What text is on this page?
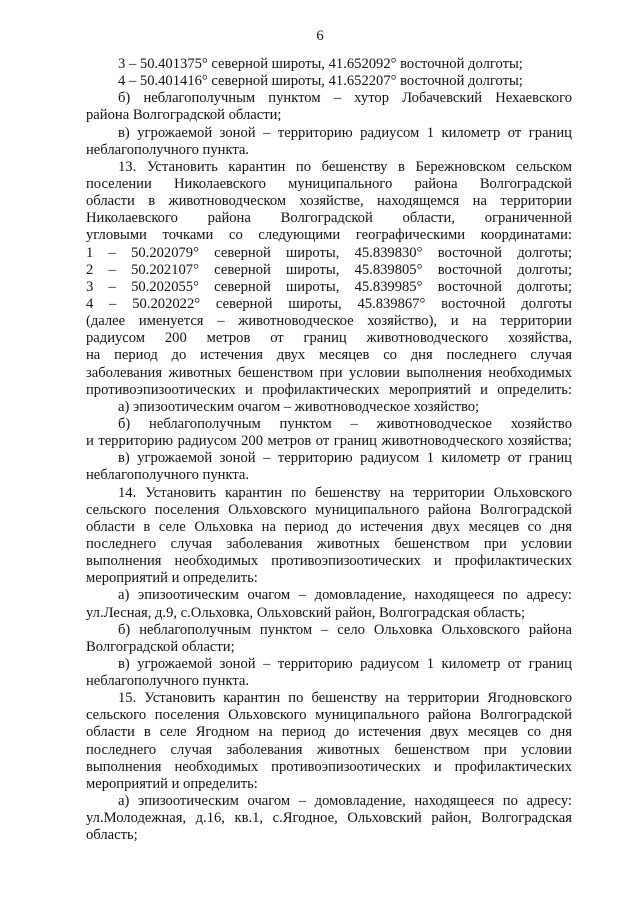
6
3 – 50.401375° северной широты, 41.652092° восточной долготы;
4 – 50.401416° северной широты, 41.652207° восточной долготы;
б) неблагополучным пунктом – хутор Лобачевский Нехаевского
района Волгоградской области;
в) угрожаемой зоной – территорию радиусом 1 километр от границ
неблагополучного пункта.
13. Установить карантин по бешенству в Бережновском сельском
поселении Николаевского муниципального района Волгоградской
области в животноводческом хозяйстве, находящемся на территории
Николаевского района Волгоградской области, ограниченной
угловыми точками со следующими географическими координатами:
1 – 50.202079° северной широты, 45.839830° восточной долготы;
2 – 50.202107° северной широты, 45.839805° восточной долготы;
3 – 50.202055° северной широты, 45.839985° восточной долготы;
4 – 50.202022° северной широты, 45.839867° восточной долготы
(далее именуется – животноводческое хозяйство), и на территории
радиусом 200 метров от границ животноводческого хозяйства,
на период до истечения двух месяцев со дня последнего случая
заболевания животных бешенством при условии выполнения необходимых
противоэпизоотических и профилактических мероприятий и определить:
а) эпизоотическим очагом – животноводческое хозяйство;
б) неблагополучным пунктом – животноводческое хозяйство
и территорию радиусом 200 метров от границ животноводческого хозяйства;
в) угрожаемой зоной – территорию радиусом 1 километр от границ
неблагополучного пункта.
14. Установить карантин по бешенству на территории Ольховского
сельского поселения Ольховского муниципального района Волгоградской
области в селе Ольховка на период до истечения двух месяцев со дня
последнего случая заболевания животных бешенством при условии
выполнения необходимых противоэпизоотических и профилактических
мероприятий и определить:
а) эпизоотическим очагом – домовладение, находящееся по адресу:
ул.Лесная, д.9, с.Ольховка, Ольховский район, Волгоградская область;
б) неблагополучным пунктом – село Ольховка Ольховского района
Волгоградской области;
в) угрожаемой зоной – территорию радиусом 1 километр от границ
неблагополучного пункта.
15. Установить карантин по бешенству на территории Ягодновского
сельского поселения Ольховского муниципального района Волгоградской
области в селе Ягодном на период до истечения двух месяцев со дня
последнего случая заболевания животных бешенством при условии
выполнения необходимых противоэпизоотических и профилактических
мероприятий и определить:
а) эпизоотическим очагом – домовладение, находящееся по адресу:
ул.Молодежная, д.16, кв.1, с.Ягодное, Ольховский район, Волгоградская
область;
